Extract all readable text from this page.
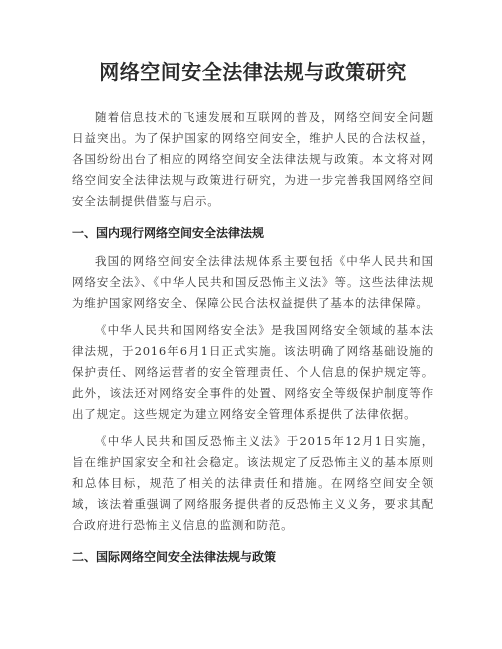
网络空间安全法律法规与政策研究

随着信息技术的飞速发展和互联网的普及，网络空间安全问题日益突出。为了保护国家的网络空间安全，维护人民的合法权益，各国纷纷出台了相应的网络空间安全法律法规与政策。本文将对网络空间安全法律法规与政策进行研究，为进一步完善我国网络空间安全法制提供借鉴与启示。

一、国内现行网络空间安全法律法规

我国的网络空间安全法律法规体系主要包括《中华人民共和国网络安全法》、《中华人民共和国反恐怖主义法》等。这些法律法规为维护国家网络安全、保障公民合法权益提供了基本的法律保障。

《中华人民共和国网络安全法》是我国网络安全领域的基本法律法规，于2016年6月1日正式实施。该法明确了网络基础设施的保护责任、网络运营者的安全管理责任、个人信息的保护规定等。此外，该法还对网络安全事件的处置、网络安全等级保护制度等作出了规定。这些规定为建立网络安全管理体系提供了法律依据。

《中华人民共和国反恐怖主义法》于2015年12月1日实施，旨在维护国家安全和社会稳定。该法规定了反恐怖主义的基本原则和总体目标，规范了相关的法律责任和措施。在网络空间安全领域，该法着重强调了网络服务提供者的反恐怖主义义务，要求其配合政府进行恐怖主义信息的监测和防范。

二、国际网络空间安全法律法规与政策
